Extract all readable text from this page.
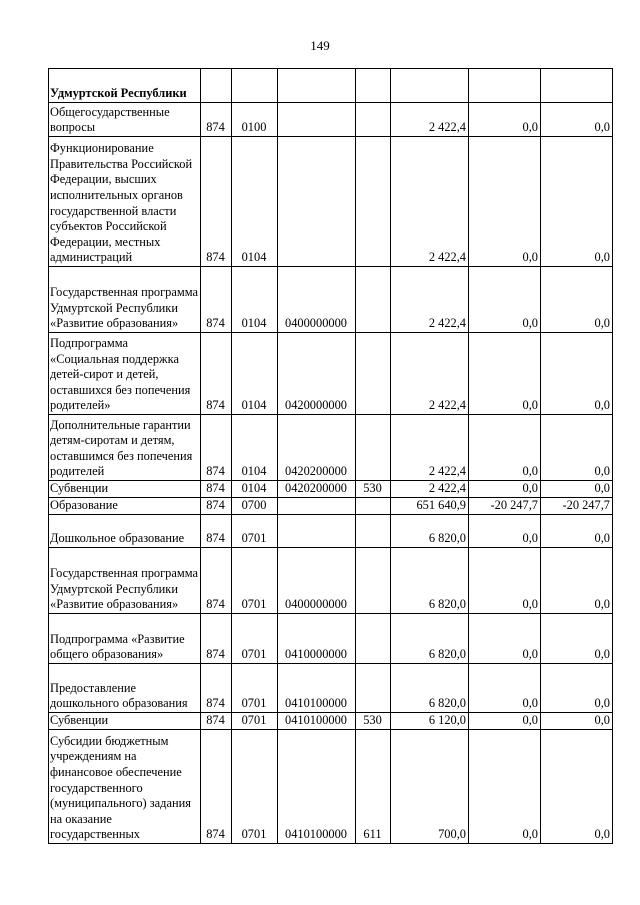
149
Удмуртской Республики							
Общегосударственные вопросы	874	0100			2 422,4	0,0	0,0
Функционирование Правительства Российской Федерации, высших исполнительных органов государственной власти субъектов Российской Федерации, местных администраций	874	0104			2 422,4	0,0	0,0
Государственная программа Удмуртской Республики «Развитие образования»	874	0104	0400000000		2 422,4	0,0	0,0
Подпрограмма «Социальная поддержка детей-сирот и детей, оставшихся без попечения родителей»	874	0104	0420000000		2 422,4	0,0	0,0
Дополнительные гарантии детям-сиротам и детям, оставшимся без попечения родителей	874	0104	0420200000		2 422,4	0,0	0,0
Субвенции	874	0104	0420200000	530	2 422,4	0,0	0,0
Образование	874	0700			651 640,9	-20 247,7	-20 247,7
Дошкольное образование	874	0701			6 820,0	0,0	0,0
Государственная программа Удмуртской Республики «Развитие образования»	874	0701	0400000000		6 820,0	0,0	0,0
Подпрограмма «Развитие общего образования»	874	0701	0410000000		6 820,0	0,0	0,0
Предоставление дошкольного образования	874	0701	0410100000		6 820,0	0,0	0,0
Субвенции	874	0701	0410100000	530	6 120,0	0,0	0,0
Субсидии бюджетным учреждениям на финансовое обеспечение государственного (муниципального) задания на оказание государственных	874	0701	0410100000	611	700,0	0,0	0,0
